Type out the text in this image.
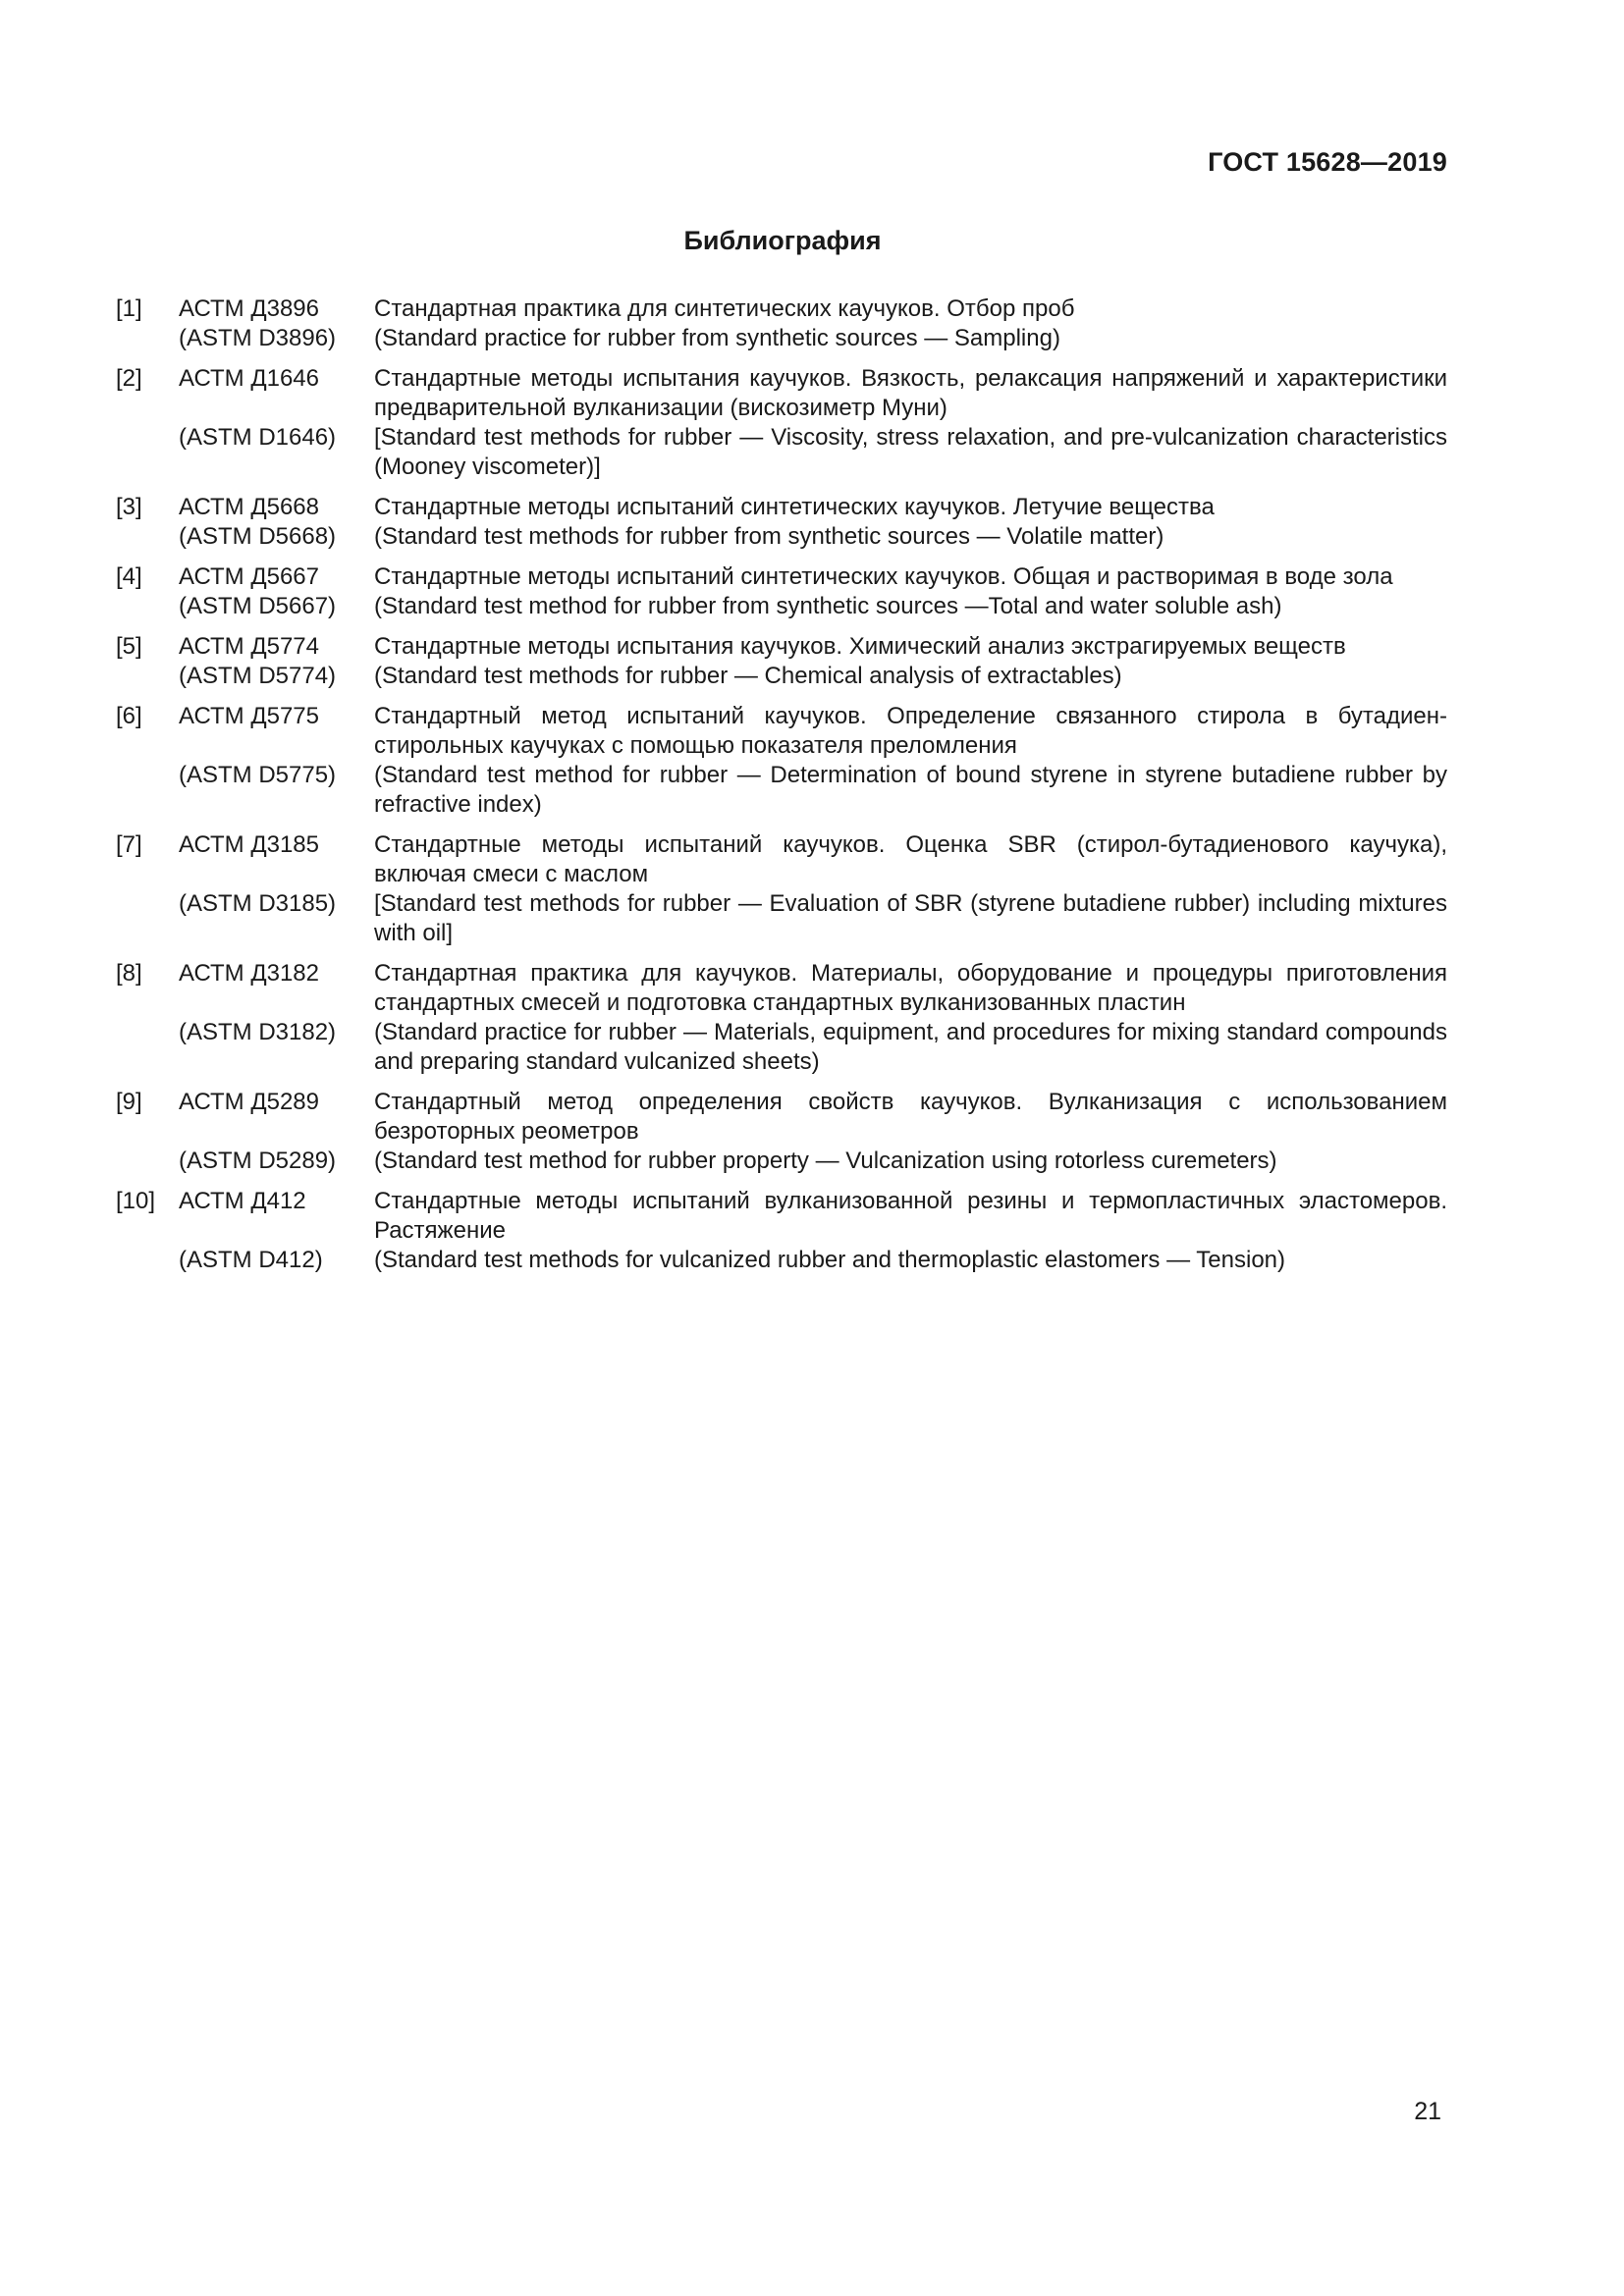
ГОСТ 15628—2019
Библиография
[1]	АСТМ Д3896	Стандартная практика для синтетических каучуков. Отбор проб
(ASTM D3896)	(Standard practice for rubber from synthetic sources — Sampling)
[2]	АСТМ Д1646	Стандартные методы испытания каучуков. Вязкость, релаксация напряжений и характеристики предварительной вулканизации (вискозиметр Муни)
(ASTM D1646)	[Standard test methods for rubber — Viscosity, stress relaxation, and pre-vulcanization characteristics (Mooney viscometer)]
[3]	АСТМ Д5668	Стандартные методы испытаний синтетических каучуков. Летучие вещества
(ASTM D5668)	(Standard test methods for rubber from synthetic sources — Volatile matter)
[4]	АСТМ Д5667	Стандартные методы испытаний синтетических каучуков. Общая и растворимая в воде зола
(ASTM D5667)	(Standard test method for rubber from synthetic sources —Total and water soluble ash)
[5]	АСТМ Д5774	Стандартные методы испытания каучуков. Химический анализ экстрагируемых веществ
(ASTM D5774)	(Standard test methods for rubber — Chemical analysis of extractables)
[6]	АСТМ Д5775	Стандартный метод испытаний каучуков. Определение связанного стирола в бутадиен-стирольных каучуках с помощью показателя преломления
(ASTM D5775)	(Standard test method for rubber — Determination of bound styrene in styrene butadiene rubber by refractive index)
[7]	АСТМ Д3185	Стандартные методы испытаний каучуков. Оценка SBR (стирол-бутадиенового каучука), включая смеси с маслом
(ASTM D3185)	[Standard test methods for rubber — Evaluation of SBR (styrene butadiene rubber) including mixtures with oil]
[8]	АСТМ Д3182	Стандартная практика для каучуков. Материалы, оборудование и процедуры приготовления стандартных смесей и подготовка стандартных вулканизованных пластин
(ASTM D3182)	(Standard practice for rubber — Materials, equipment, and procedures for mixing standard compounds and preparing standard vulcanized sheets)
[9]	АСТМ Д5289	Стандартный метод определения свойств каучуков. Вулканизация с использованием безроторных реометров
(ASTM D5289)	(Standard test method for rubber property — Vulcanization using rotorless curemeters)
[10] АСТМ Д412	Стандартные методы испытаний вулканизованной резины и термопластичных эластомеров. Растяжение
(ASTM D412)	(Standard test methods for vulcanized rubber and thermoplastic elastomers — Tension)
21
